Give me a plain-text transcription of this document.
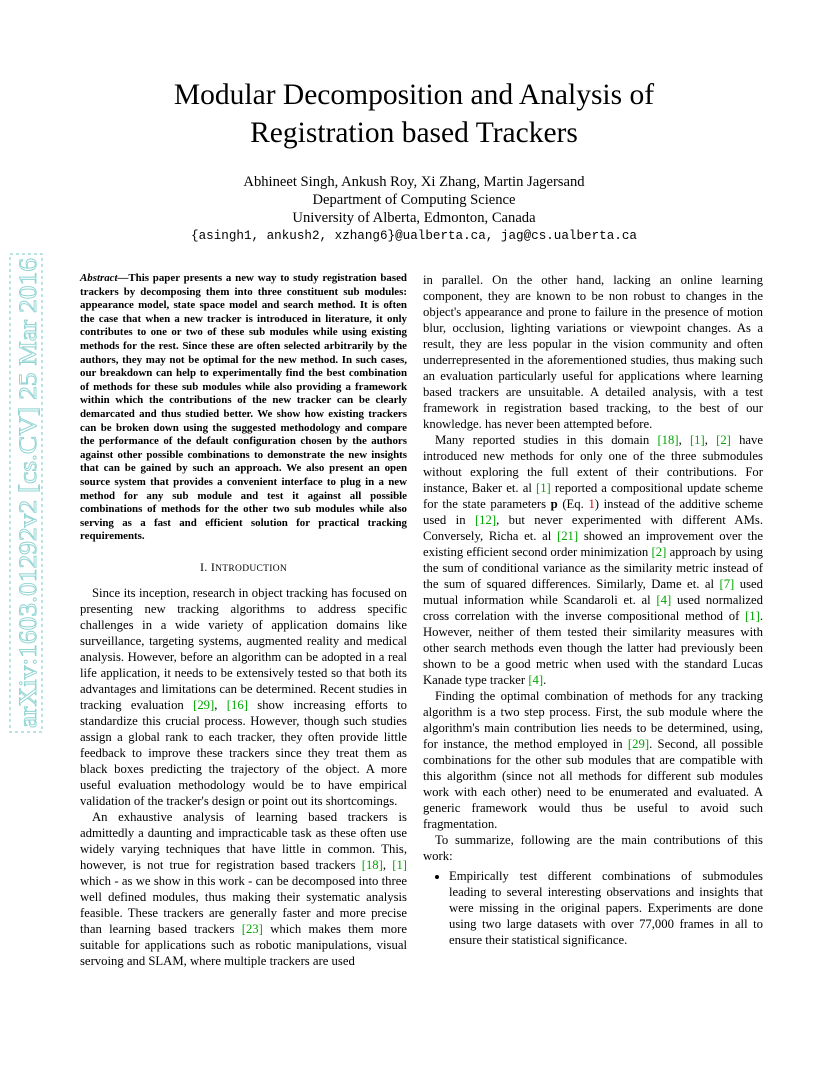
Modular Decomposition and Analysis of
Registration based Trackers
Abhineet Singh, Ankush Roy, Xi Zhang, Martin Jagersand
Department of Computing Science
University of Alberta, Edmonton, Canada
{asingh1, ankush2, xzhang6}@ualberta.ca, jag@cs.ualberta.ca
arXiv:1603.01292v2 [cs.CV] 25 Mar 2016

Abstract—This paper presents a new way to study registration based trackers by decomposing them into three constituent sub modules: appearance model, state space model and search method. It is often the case that when a new tracker is introduced in literature, it only contributes to one or two of these sub modules while using existing methods for the rest. Since these are often selected arbitrarily by the authors, they may not be optimal for the new method. In such cases, our breakdown can help to experimentally find the best combination of methods for these sub modules while also providing a framework within which the contributions of the new tracker can be clearly demarcated and thus studied better. We show how existing trackers can be broken down using the suggested methodology and compare the performance of the default configuration chosen by the authors against other possible combinations to demonstrate the new insights that can be gained by such an approach. We also present an open source system that provides a convenient interface to plug in a new method for any sub module and test it against all possible combinations of methods for the other two sub modules while also serving as a fast and efficient solution for practical tracking requirements.

I. INTRODUCTION

Since its inception, research in object tracking has focused on presenting new tracking algorithms to address specific challenges in a wide variety of application domains like surveillance, targeting systems, augmented reality and medical analysis. However, before an algorithm can be adopted in a real life application, it needs to be extensively tested so that both its advantages and limitations can be determined. Recent studies in tracking evaluation [29], [16] show increasing efforts to standardize this crucial process. However, though such studies assign a global rank to each tracker, they often provide little feedback to improve these trackers since they treat them as black boxes predicting the trajectory of the object. A more useful evaluation methodology would be to have empirical validation of the tracker's design or point out its shortcomings.

An exhaustive analysis of learning based trackers is admittedly a daunting and impracticable task as these often use widely varying techniques that have little in common. This, however, is not true for registration based trackers [18], [1] which - as we show in this work - can be decomposed into three well defined modules, thus making their systematic analysis feasible. These trackers are generally faster and more precise than learning based trackers [23] which makes them more suitable for applications such as robotic manipulations, visual servoing and SLAM, where multiple trackers are used

in parallel. On the other hand, lacking an online learning component, they are known to be non robust to changes in the object's appearance and prone to failure in the presence of motion blur, occlusion, lighting variations or viewpoint changes. As a result, they are less popular in the vision community and often underrepresented in the aforementioned studies, thus making such an evaluation particularly useful for applications where learning based trackers are unsuitable. A detailed analysis, with a test framework in registration based tracking, to the best of our knowledge. has never been attempted before.

Many reported studies in this domain [18], [1], [2] have introduced new methods for only one of the three submodules without exploring the full extent of their contributions. For instance, Baker et. al [1] reported a compositional update scheme for the state parameters p (Eq. 1) instead of the additive scheme used in [12], but never experimented with different AMs. Conversely, Richa et. al [21] showed an improvement over the existing efficient second order minimization [2] approach by using the sum of conditional variance as the similarity metric instead of the sum of squared differences. Similarly, Dame et. al [7] used mutual information while Scandaroli et. al [4] used normalized cross correlation with the inverse compositional method of [1]. However, neither of them tested their similarity measures with other search methods even though the latter had previously been shown to be a good metric when used with the standard Lucas Kanade type tracker [4].

Finding the optimal combination of methods for any tracking algorithm is a two step process. First, the sub module where the algorithm's main contribution lies needs to be determined, using, for instance, the method employed in [29]. Second, all possible combinations for the other sub modules that are compatible with this algorithm (since not all methods for different sub modules work with each other) need to be enumerated and evaluated. A generic framework would thus be useful to avoid such fragmentation.

To summarize, following are the main contributions of this work:

• Empirically test different combinations of submodules leading to several interesting observations and insights that were missing in the original papers. Experiments are done using two large datasets with over 77,000 frames in all to ensure their statistical significance.
